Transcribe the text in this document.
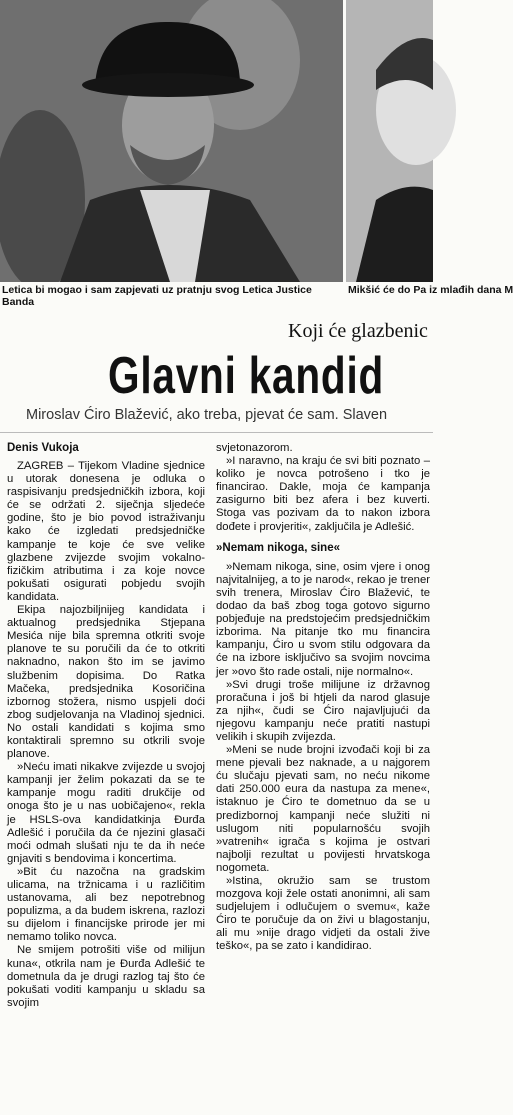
Letica bi mogao i sam zapjevati uz pratnju svog Letica Justice Banda
Mikšić će do Pa iz mlađih dana M
Koji će glazbenic
Glavni kandid
Miroslav Ćiro Blažević, ako treba, pjevat će sam. Slaven
Denis Vukoja

ZAGREB – Tijekom Vladine sjednice u utorak donesena je odluka o raspisivanju predsjedničkih izbora, koji će se održati 2. siječnja sljedeće godine, što je bio povod istraživanju kako će izgledati predsjedničke kampanje te koje će sve velike glazbene zvijezde svojim vokalno-fizičkim atributima i za koje novce pokušati osigurati pobjedu svojih kandidata.

Ekipa najozbiljnijeg kandidata i aktualnog predsjednika Stjepana Mesića nije bila spremna otkriti svoje planove te su poručili da će to otkriti naknadno, nakon što im se javimo službenim dopisima. Do Ratka Mačeka, predsjednika Kosoričina izbornog stožera, nismo uspjeli doći zbog sudjelovanja na Vladinoj sjednici. No ostali kandidati s kojima smo kontaktirali spremno su otkrili svoje planove.

»Neću imati nikakve zvijezde u svojoj kampanji jer želim pokazati da se te kampanje mogu raditi drukčije od onoga što je u nas uobičajeno«, rekla je HSLS-ova kandidatkinja Đurđa Adlešić i poručila da će njezini glasači moći odmah slušati nju te da ih neće gnjaviti s bendovima i koncertima.

»Bit ću nazočna na gradskim ulicama, na tržnicama i u različitim ustanovama, ali bez nepotrebnog populizma, a da budem iskrena, razlozi su dijelom i financijske prirode jer mi nemamo toliko novca.

Ne smijem potrošiti više od milijun kuna«, otkrila nam je Đurđa Adlešić te dometnula da je drugi razlog taj što će pokušati voditi kampanju u skladu sa svojim

svjetonazorom.

»I naravno, na kraju će svi biti poznato – koliko je novca potrošeno i tko je financirao. Dakle, moja će kampanja zasigurno biti bez afera i bez kuverti. Stoga vas pozivam da to nakon izbora dođete i provjeriti«, zaključila je Adlešić.

»Nemam nikoga, sine«

»Nemam nikoga, sine, osim vjere i onog najvitalnijeg, a to je narod«, rekao je trener svih trenera, Miroslav Ćiro Blažević, te dodao da baš zbog toga gotovo sigurno pobjeđuje na predstojećim predsjedničkim izborima. Na pitanje tko mu financira kampanju, Ćiro u svom stilu odgovara da će na izbore isključivo sa svojim novcima jer »ovo što rade ostali, nije normalno«.

»Svi drugi troše milijune iz državnog proračuna i još bi htjeli da narod glasuje za njih«, čudi se Ćiro najavljujući da njegovu kampanju neće pratiti nastupi velikih i skupih zvijezda.

»Meni se nude brojni izvođači koji bi za mene pjevali bez naknade, a u najgorem ću slučaju pjevati sam, no neću nikome dati 250.000 eura da nastupa za mene«, istaknuo je Ćiro te dometnuo da se u predizbornoj kampanji neće služiti ni uslugom niti popularnošću svojih »vatrenih« igrača s kojima je ostvari najbolji rezultat u povijesti hrvatskoga nogometa.

»Istina, okružio sam se trustom mozgova koji žele ostati anonimni, ali sam sudjelujem i odlučujem o svemu«, kaže Ćiro te poručuje da on živi u blagostanju, ali mu »nije drago vidjeti da ostali žive teško«, pa se zato i kandidirao.
